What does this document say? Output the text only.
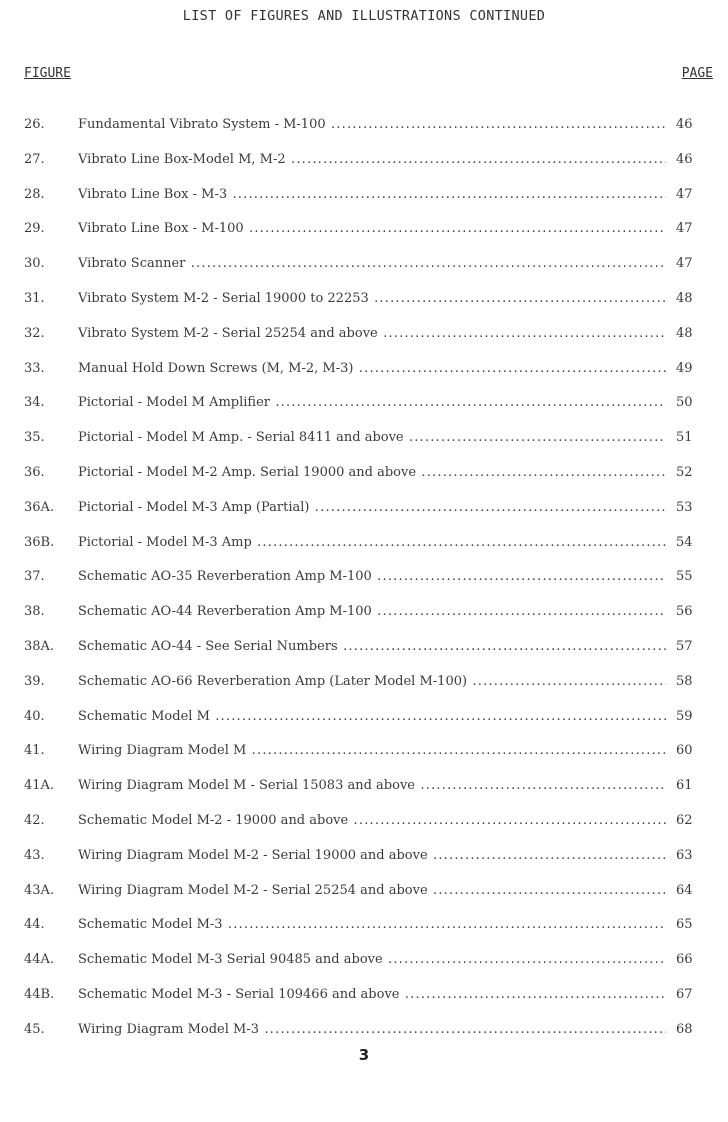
LIST OF FIGURES AND ILLUSTRATIONS CONTINUED
FIGURE	PAGE
26.	Fundamental Vibrato System - M-100 .....	46
27.	Vibrato Line Box-Model M, M-2 .....	46
28.	Vibrato Line Box - M-3 .....	47
29.	Vibrato Line Box - M-100 .....	47
30.	Vibrato Scanner .....	47
31.	Vibrato System M-2 - Serial 19000 to 22253 .....	48
32.	Vibrato System M-2 - Serial 25254 and above .....	48
33.	Manual Hold Down Screws (M, M-2, M-3) .....	49
34.	Pictorial - Model M Amplifier .....	50
35.	Pictorial - Model M Amp. - Serial 8411 and above .....	51
36.	Pictorial - Model M-2 Amp. Serial 19000 and above .....	52
36A. Pictorial - Model M-3 Amp (Partial) .....	53
36B. Pictorial - Model M-3 Amp .....	54
37.	Schematic AO-35 Reverberation Amp M-100 .....	55
38.	Schematic AO-44 Reverberation Amp M-100 .....	56
38A. Schematic AO-44 - See Serial Numbers .....	57
39.	Schematic AO-66 Reverberation Amp (Later Model M-100) .....	58
40.	Schematic Model M .....	59
41.	Wiring Diagram Model M .....	60
41A. Wiring Diagram Model M - Serial 15083 and above .....	61
42.	Schematic Model M-2 - 19000 and above .....	62
43.	Wiring Diagram Model M-2 - Serial 19000 and above .....	63
43A. Wiring Diagram Model M-2 - Serial 25254 and above .....	64
44.	Schematic Model M-3 .....	65
44A. Schematic Model M-3 Serial 90485 and above .....	66
44B. Schematic Model M-3 - Serial 109466 and above .....	67
45.	Wiring Diagram Model M-3 .....	68
3
